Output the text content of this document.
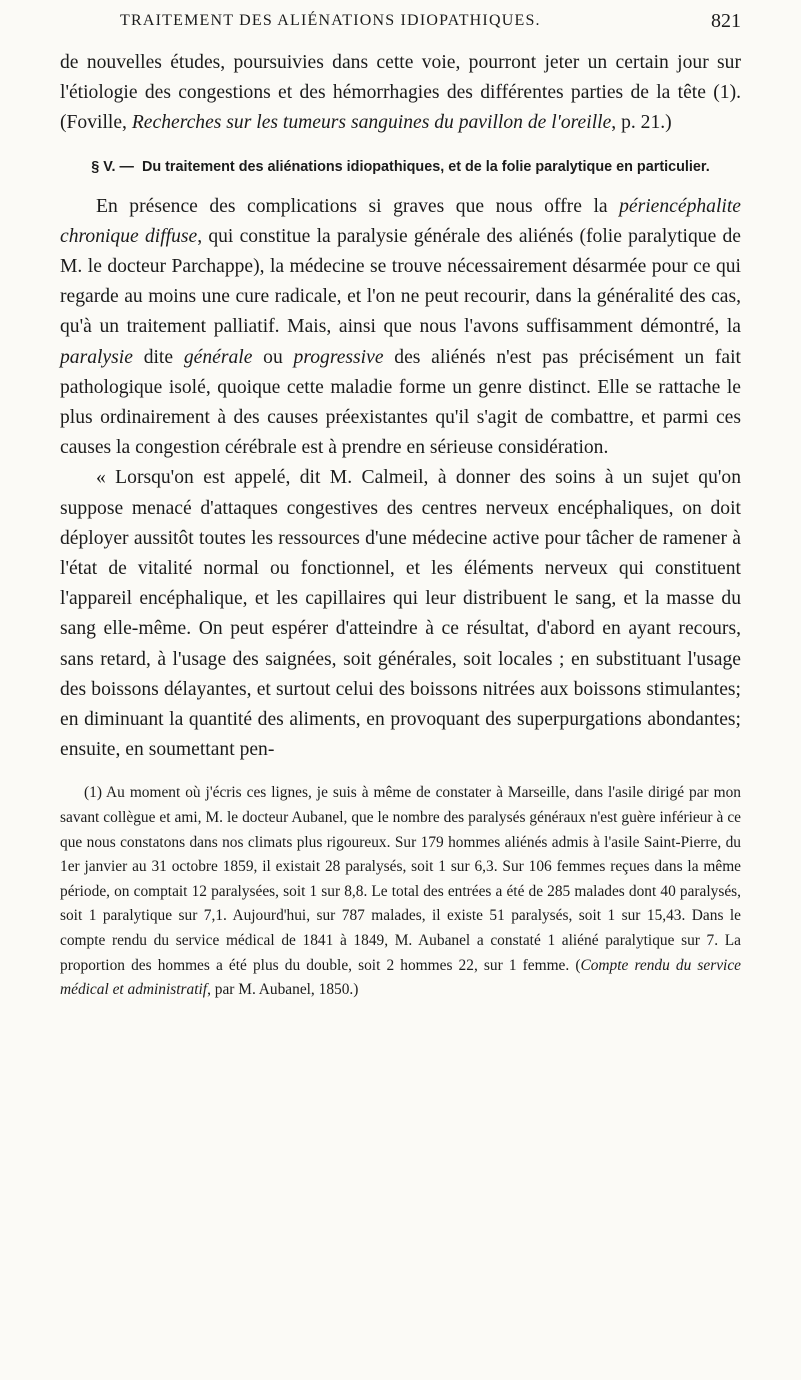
TRAITEMENT DES ALIÉNATIONS IDIOPATHIQUES.	821

de nouvelles études, poursuivies dans cette voie, pourront jeter un certain jour sur l'étiologie des congestions et des hémorrhagies des différentes parties de la tête (1). (Foville, Recherches sur les tumeurs sanguines du pavillon de l'oreille, p. 21.)

§ V. — Du traitement des aliénations idiopathiques, et de la folie paralytique en particulier.

En présence des complications si graves que nous offre la périencéphalite chronique diffuse, qui constitue la paralysie générale des aliénés (folie paralytique de M. le docteur Parchappe), la médecine se trouve nécessairement désarmée pour ce qui regarde au moins une cure radicale, et l'on ne peut recourir, dans la généralité des cas, qu'à un traitement palliatif. Mais, ainsi que nous l'avons suffisamment démontré, la paralysie dite générale ou progressive des aliénés n'est pas précisément un fait pathologique isolé, quoique cette maladie forme un genre distinct. Elle se rattache le plus ordinairement à des causes préexistantes qu'il s'agit de combattre, et parmi ces causes la congestion cérébrale est à prendre en sérieuse considération.

« Lorsqu'on est appelé, dit M. Calmeil, à donner des soins à un sujet qu'on suppose menacé d'attaques congestives des centres nerveux encéphaliques, on doit déployer aussitôt toutes les ressources d'une médecine active pour tâcher de ramener à l'état de vitalité normal ou fonctionnel, et les éléments nerveux qui constituent l'appareil encéphalique, et les capillaires qui leur distribuent le sang, et la masse du sang elle-même. On peut espérer d'atteindre à ce résultat, d'abord en ayant recours, sans retard, à l'usage des saignées, soit générales, soit locales ; en substituant l'usage des boissons délayantes, et surtout celui des boissons nitrées aux boissons stimulantes; en diminuant la quantité des aliments, en provoquant des superpurgations abondantes; ensuite, en soumettant pen-

(1) Au moment où j'écris ces lignes, je suis à même de constater à Marseille, dans l'asile dirigé par mon savant collègue et ami, M. le docteur Aubanel, que le nombre des paralysés généraux n'est guère inférieur à ce que nous constatons dans nos climats plus rigoureux. Sur 179 hommes aliénés admis à l'asile Saint-Pierre, du 1er janvier au 31 octobre 1859, il existait 28 paralysés, soit 1 sur 6,3. Sur 106 femmes reçues dans la même période, on comptait 12 paralysées, soit 1 sur 8,8. Le total des entrées a été de 285 malades dont 40 paralysés, soit 1 paralytique sur 7,1. Aujourd'hui, sur 787 malades, il existe 51 paralysés, soit 1 sur 15,43. Dans le compte rendu du service médical de 1841 à 1849, M. Aubanel a constaté 1 aliéné paralytique sur 7. La proportion des hommes a été plus du double, soit 2 hommes 22, sur 1 femme. (Compte rendu du service médical et administratif, par M. Aubanel, 1850.)
